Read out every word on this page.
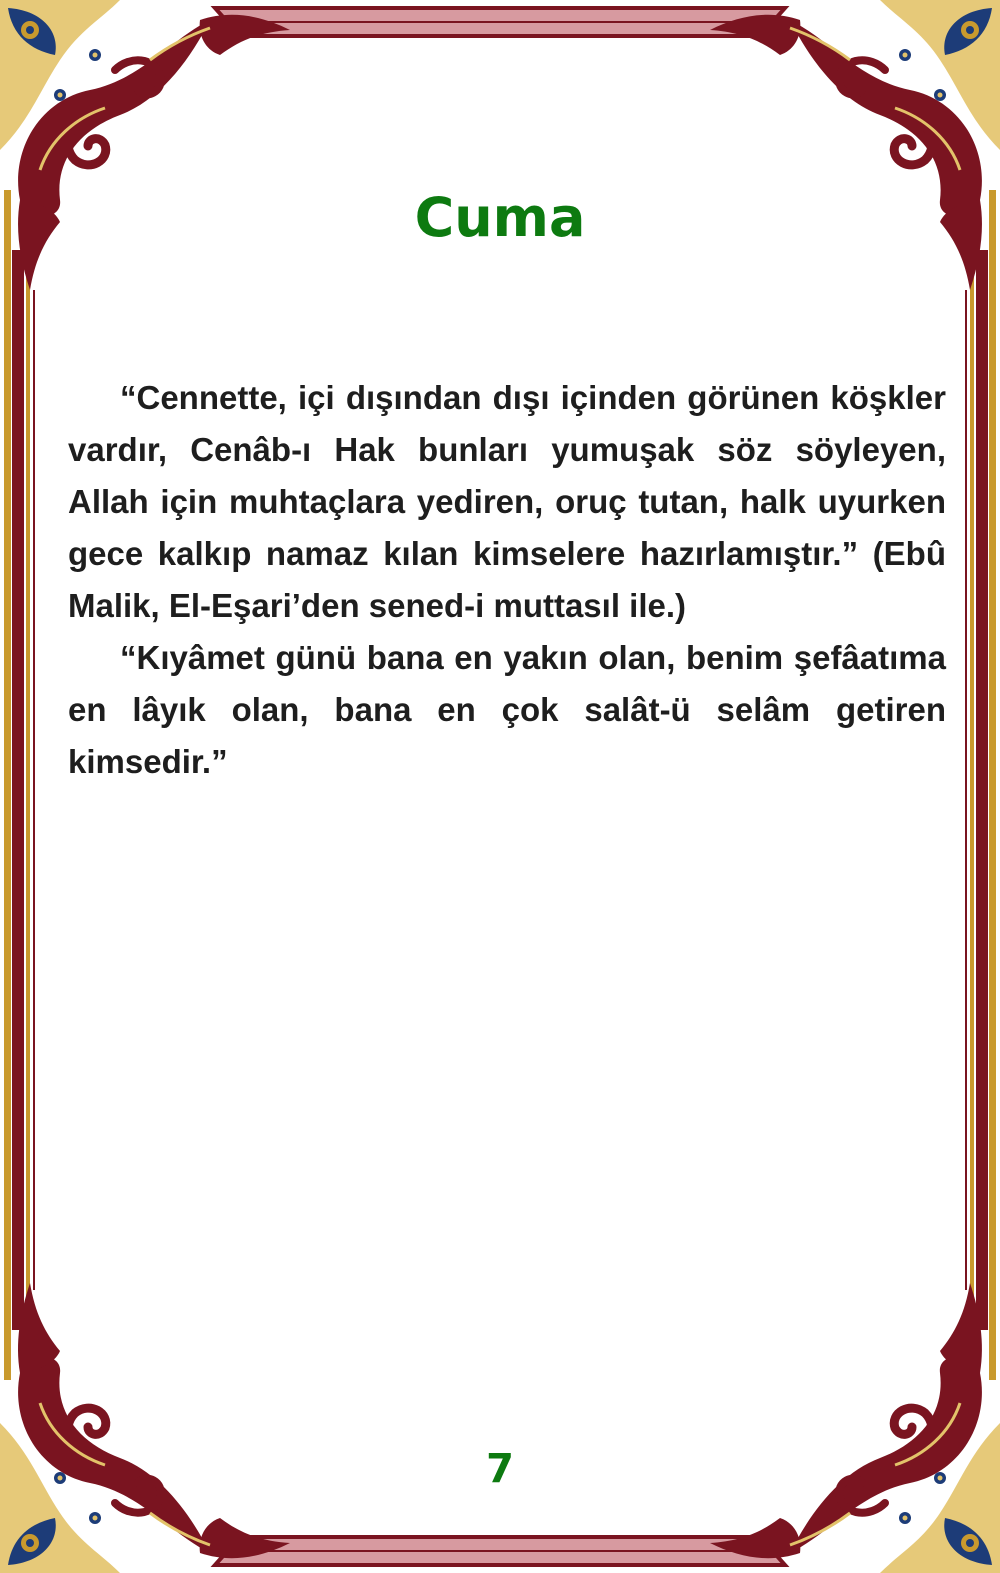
Cuma

“Cennette, içi dışından dışı içinden görünen köşkler vardır, Cenâb-ı Hak bunları yumuşak söz söyleyen, Allah için muhtaçlara yediren, oruç tutan, halk uyurken gece kalkıp namaz kılan kimselere hazırlamıştır.” (Ebû Malik, El-Eşari’den sened-i muttasıl ile.)

“Kıyâmet günü bana en yakın olan, benim şefâatıma en lâyık olan, bana en çok salât-ü selâm getiren kimsedir.”

7
